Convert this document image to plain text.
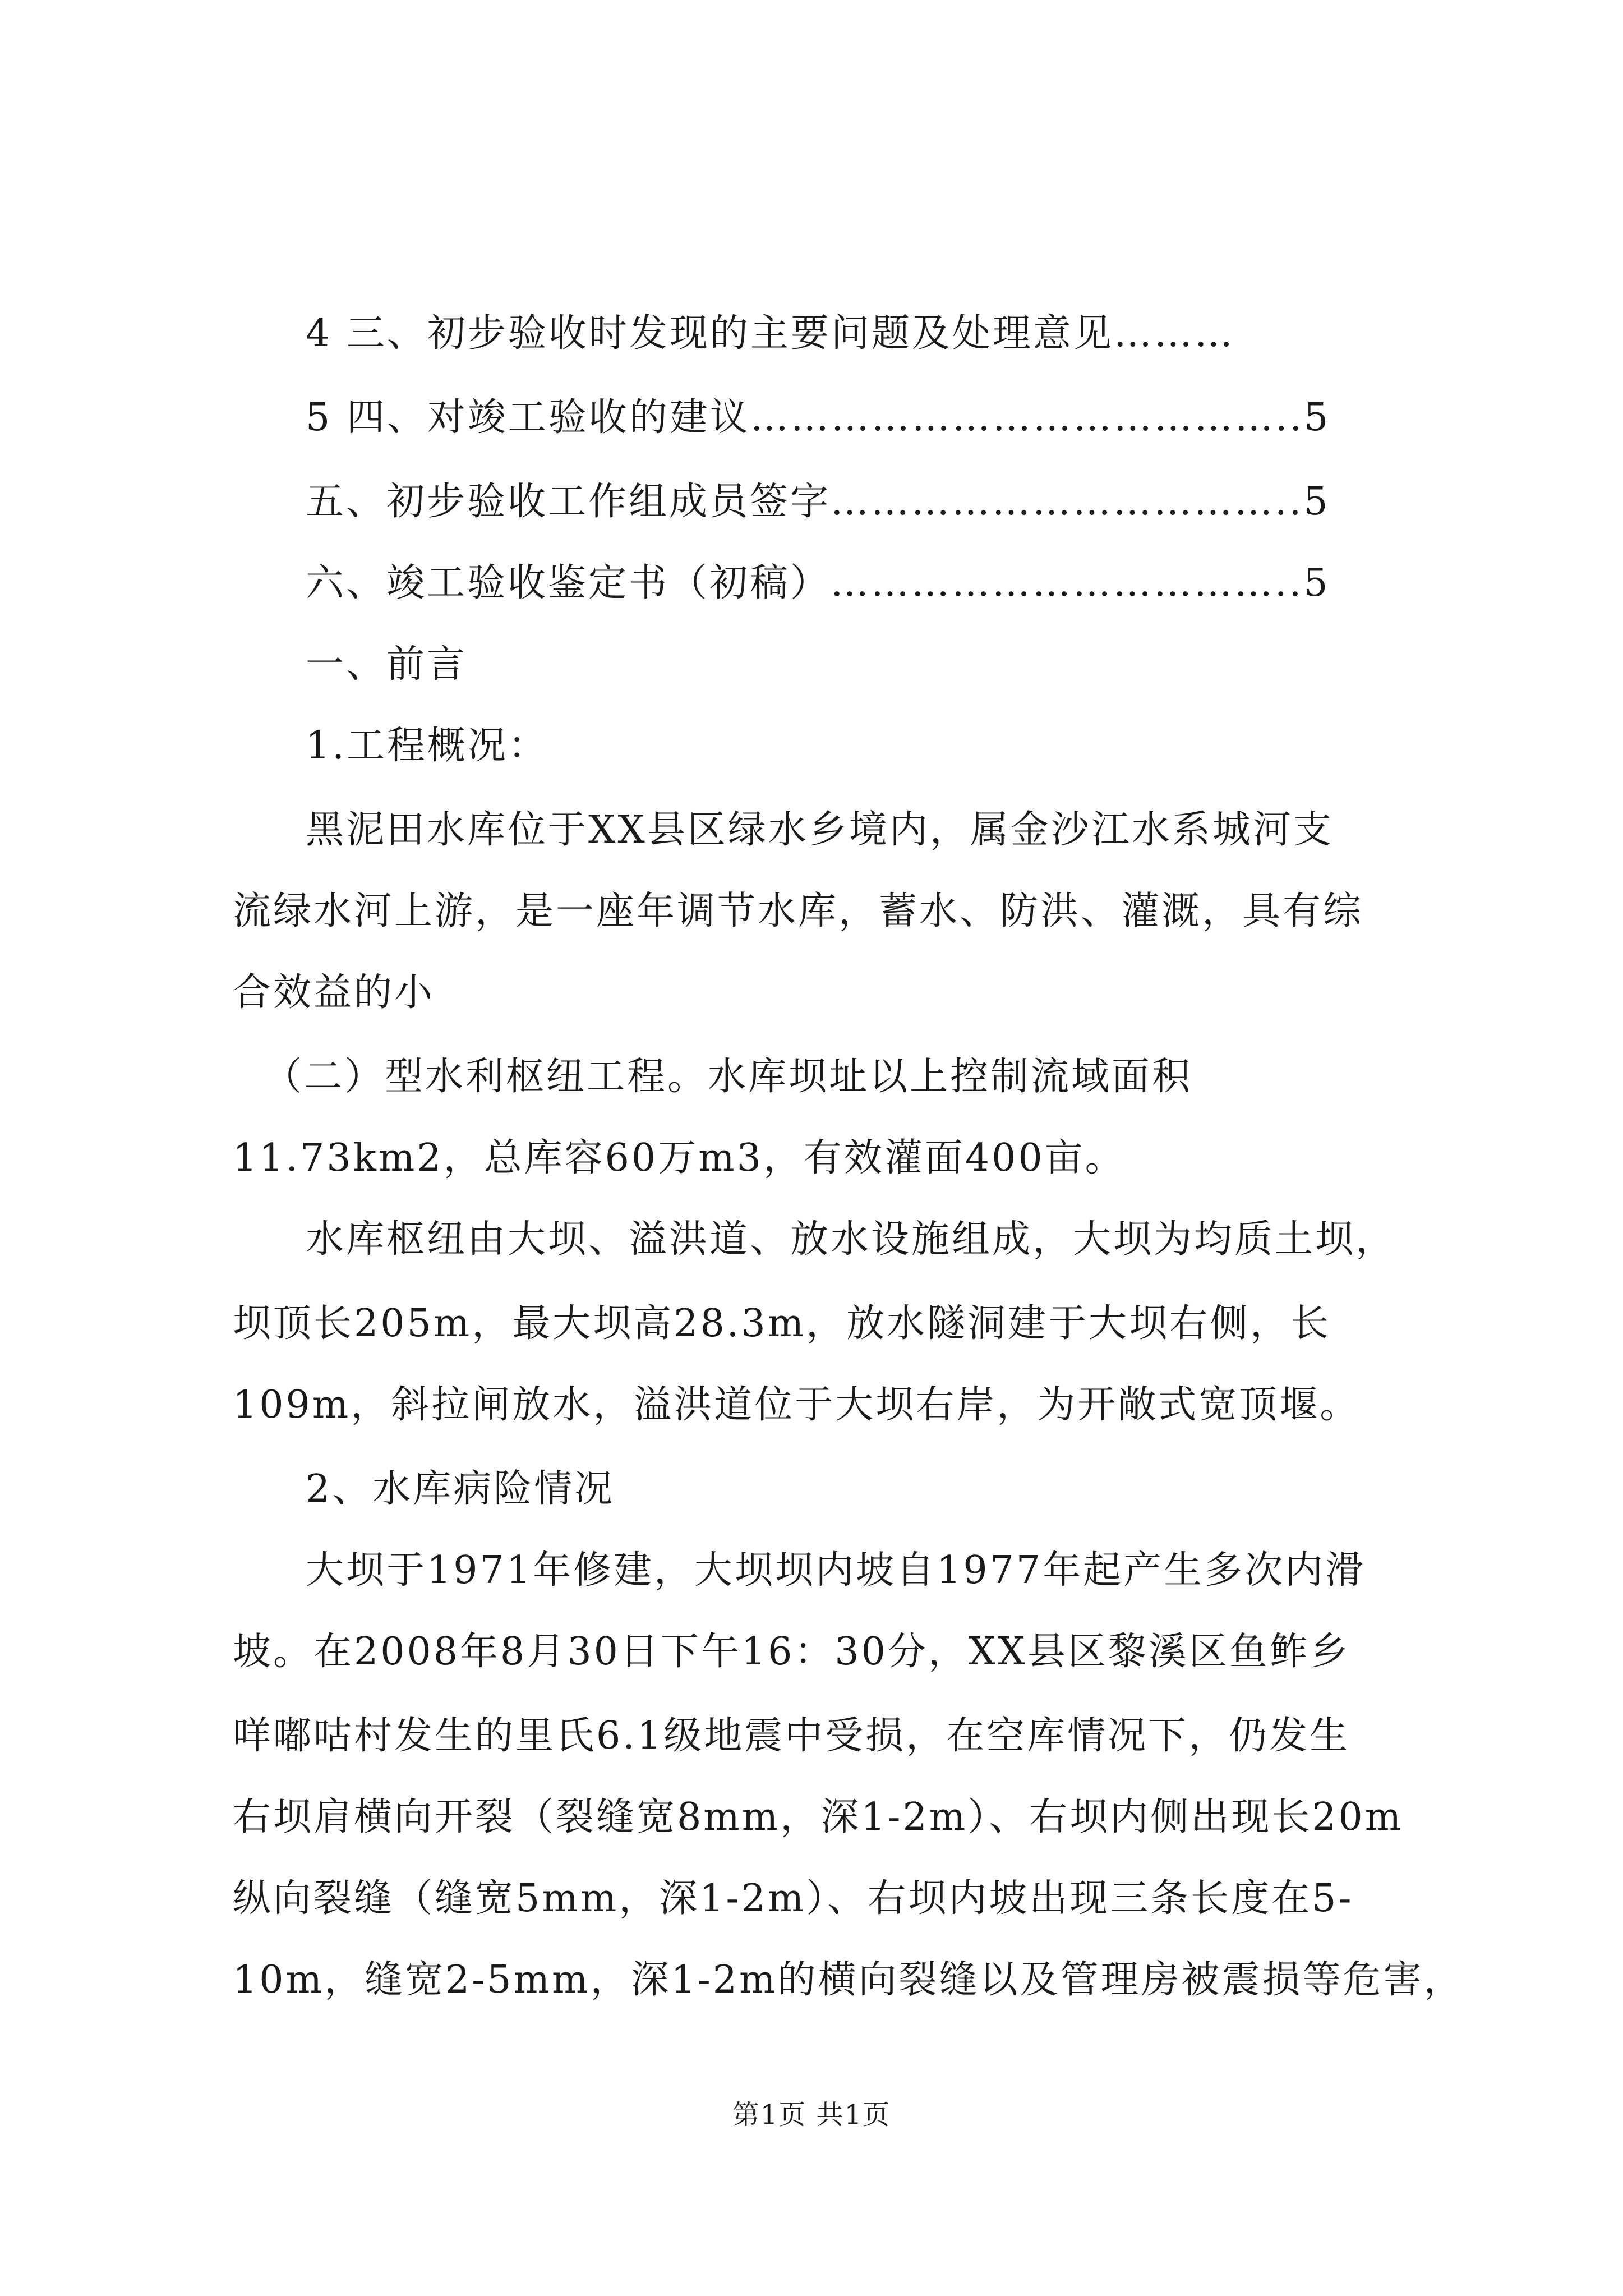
4 三、初步验收时发现的主要问题及处理意见………
5 四、对竣工验收的建议…………………………………..5
五、初步验收工作组成员签字……………………………..5
六、竣工验收鉴定书（初稿）……………………………..5
一、前言
1.工程概况：
黑泥田水库位于XX县区绿水乡境内，属金沙江水系城河支
流绿水河上游，是一座年调节水库，蓄水、防洪、灌溉，具有综
合效益的小
（二）型水利枢纽工程。水库坝址以上控制流域面积
11.73km2，总库容60万m3，有效灌面400亩。
水库枢纽由大坝、溢洪道、放水设施组成，大坝为均质土坝，
坝顶长205m，最大坝高28.3m，放水隧洞建于大坝右侧，长
109m，斜拉闸放水，溢洪道位于大坝右岸，为开敞式宽顶堰。
2、水库病险情况
大坝于1971年修建，大坝坝内坡自1977年起产生多次内滑
坡。在2008年8月30日下午16：30分，XX县区黎溪区鱼鲊乡
咩嘟咕村发生的里氏6.1级地震中受损，在空库情况下，仍发生
右坝肩横向开裂（裂缝宽8mm，深1-2m）、右坝内侧出现长20m
纵向裂缝（缝宽5mm，深1-2m）、右坝内坡出现三条长度在5-
10m，缝宽2-5mm，深1-2m的横向裂缝以及管理房被震损等危害，
第1页 共1页
